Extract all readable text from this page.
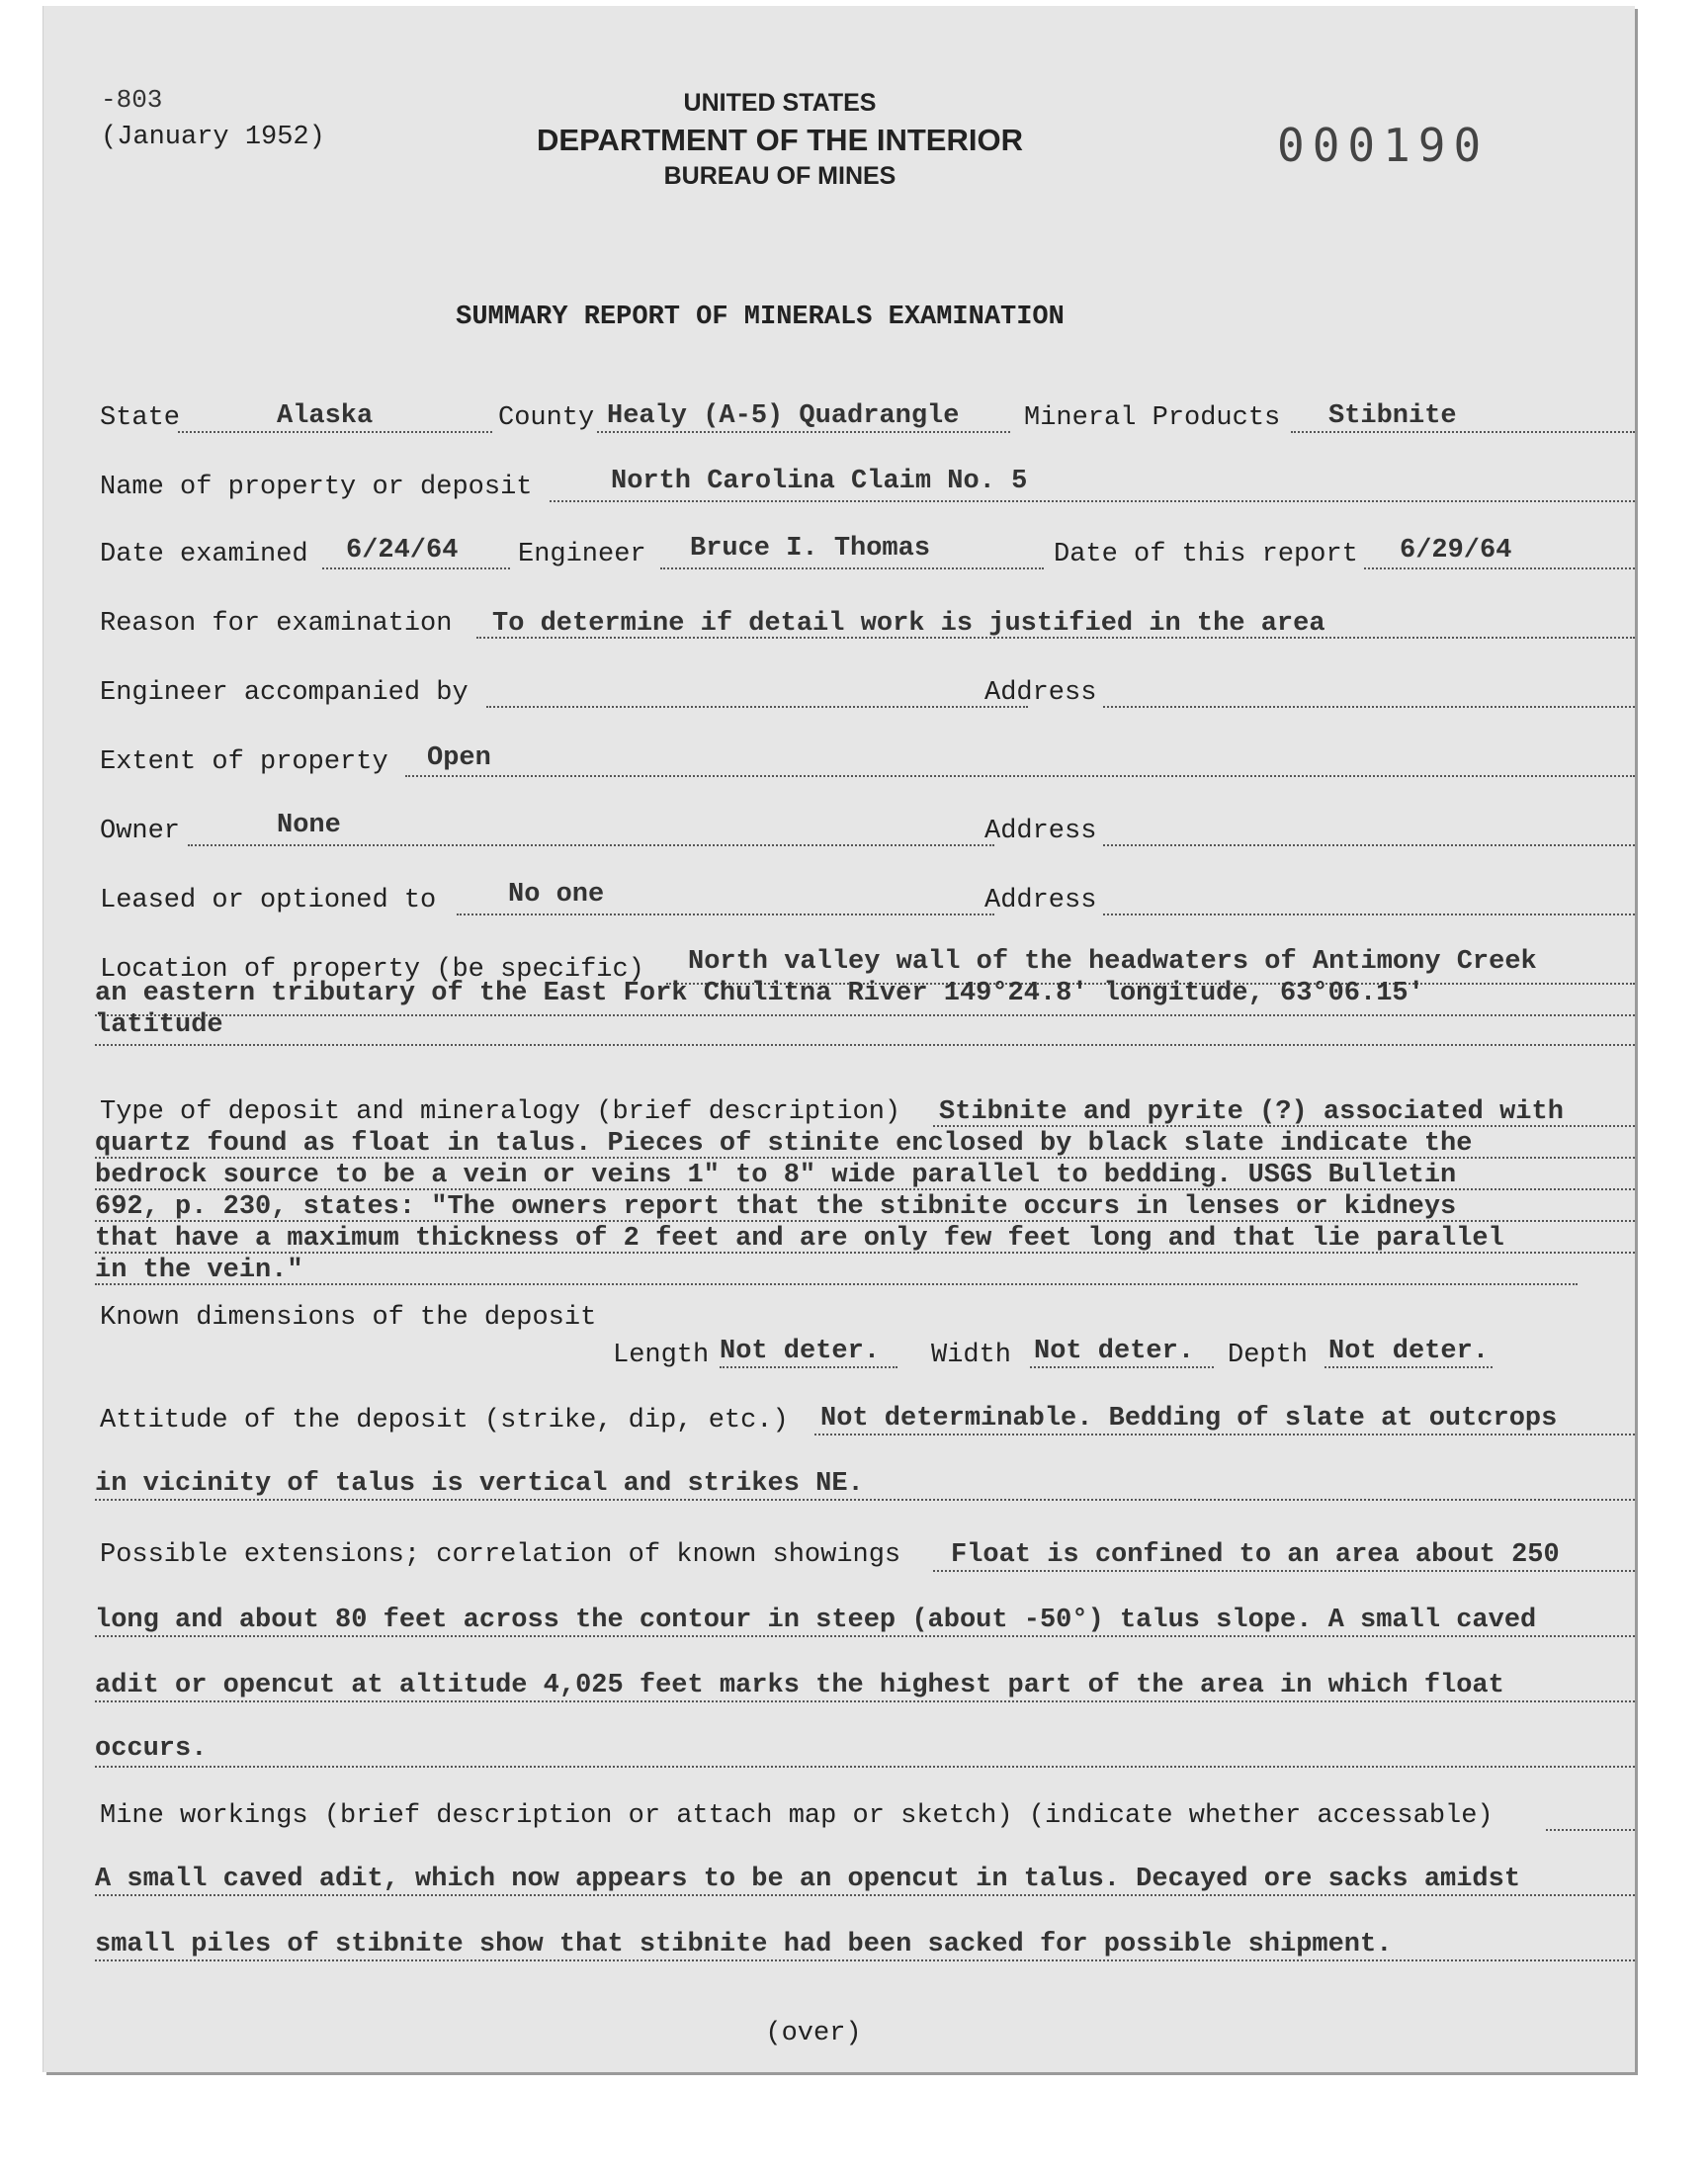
-803
(January 1952)
UNITED STATES
DEPARTMENT OF THE INTERIOR
BUREAU OF MINES
000190
SUMMARY REPORT OF MINERALS EXAMINATION
State	Alaska	County Healy (A-5) Quadrangle Mineral Products Stibnite
Name of property or deposit	North Carolina Claim No. 5
Date examined 6/24/64 Engineer Bruce I. Thomas	Date of this report 6/29/64
Reason for examination To determine if detail work is justified in the area
Engineer accompanied by	Address
Extent of property Open
Owner	None	Address
Leased or optioned to	No one	Address
Location of property (be specific) North valley wall of the headwaters of Antimony Creek
an eastern tributary of the East Fork Chulitna River 149°24.8' longitude, 63°06.15'
latitude
Type of deposit and mineralogy (brief description) Stibnite and pyrite (?) associated with
quartz found as float in talus. Pieces of stinite enclosed by black slate indicate the
bedrock source to be a vein or veins 1" to 8" wide parallel to bedding. USGS Bulletin
692, p. 230, states: "The owners report that the stibnite occurs in lenses or kidneys
that have a maximum thickness of 2 feet and are only few feet long and that lie parallel
in the vein."
Known dimensions of the deposit
Length Not deter. Width Not deter. Depth Not deter.
Attitude of the deposit (strike, dip, etc.) Not determinable. Bedding of slate at outcrops
in vicinity of talus is vertical and strikes NE.
Possible extensions; correlation of known showings Float is confined to an area about 250
long and about 80 feet across the contour in steep (about -50°) talus slope. A small caved
adit or opencut at altitude 4,025 feet marks the highest part of the area in which float
occurs.
Mine workings (brief description or attach map or sketch) (indicate whether accessable)
A small caved adit, which now appears to be an opencut in talus. Decayed ore sacks amidst
small piles of stibnite show that stibnite had been sacked for possible shipment.
(over)
